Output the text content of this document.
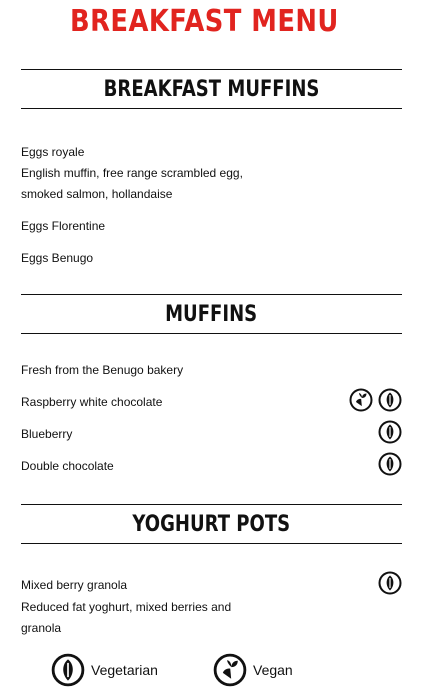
BREAKFAST MENU
BREAKFAST MUFFINS
Eggs royale
English muffin, free range scrambled egg,
smoked salmon, hollandaise
Eggs Florentine
Eggs Benugo
MUFFINS
Fresh from the Benugo bakery
Raspberry white chocolate
Blueberry
Double chocolate
YOGHURT POTS
Mixed berry granola
Reduced fat yoghurt, mixed berries and
granola
Vegetarian	Vegan
